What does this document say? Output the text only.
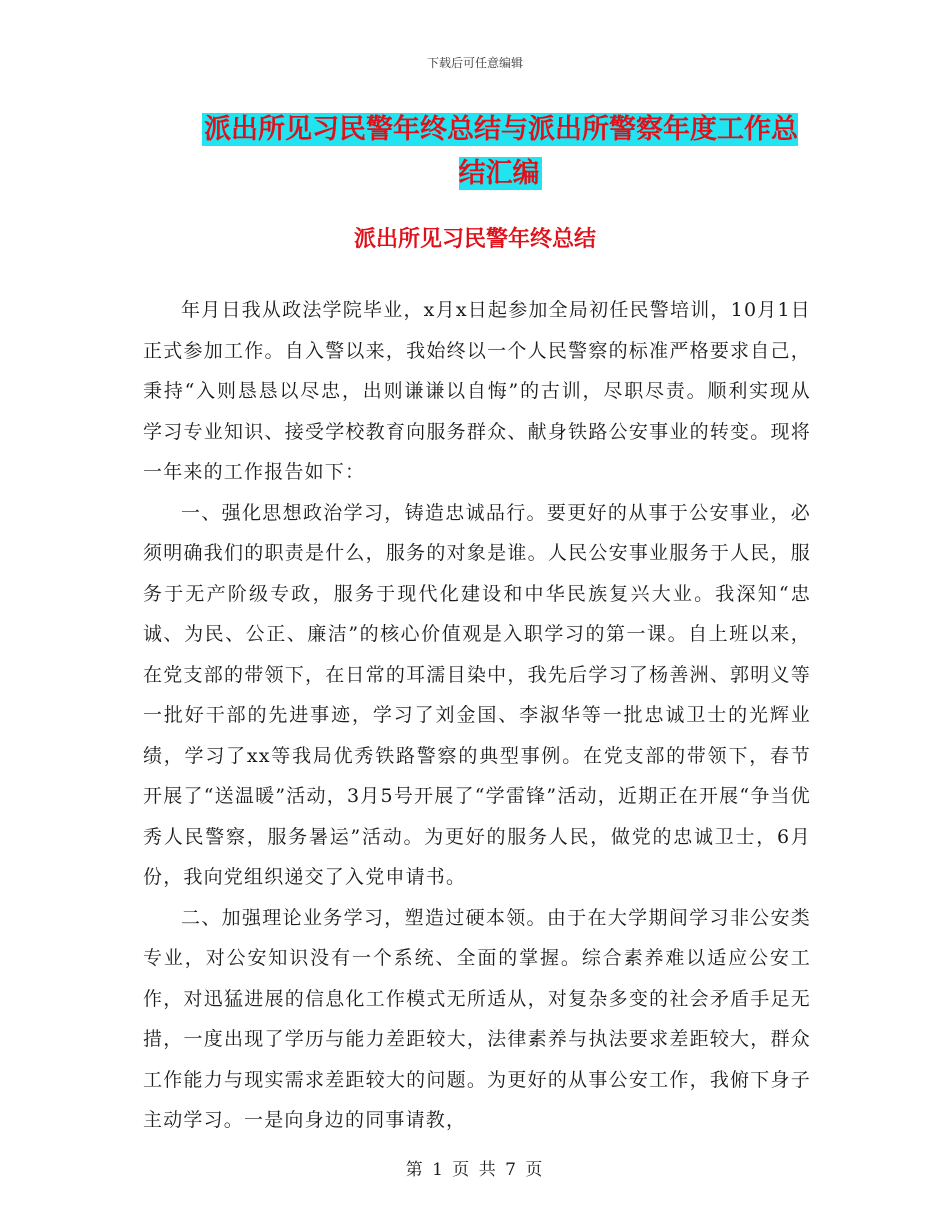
下载后可任意编辑
派出所见习民警年终总结与派出所警察年度工作总结汇编
派出所见习民警年终总结

年月日我从政法学院毕业，x月x日起参加全局初任民警培训，10月1日正式参加工作。自入警以来，我始终以一个人民警察的标准严格要求自己，秉持“入则恳恳以尽忠，出则谦谦以自悔”的古训，尽职尽责。顺利实现从学习专业知识、接受学校教育向服务群众、献身铁路公安事业的转变。现将一年来的工作报告如下：

一、强化思想政治学习，铸造忠诚品行。要更好的从事于公安事业，必须明确我们的职责是什么，服务的对象是谁。人民公安事业服务于人民，服务于无产阶级专政，服务于现代化建设和中华民族复兴大业。我深知“忠诚、为民、公正、廉洁”的核心价值观是入职学习的第一课。自上班以来，在党支部的带领下，在日常的耳濡目染中，我先后学习了杨善洲、郭明义等一批好干部的先进事迹，学习了刘金国、李淑华等一批忠诚卫士的光辉业绩，学习了xx等我局优秀铁路警察的典型事例。在党支部的带领下，春节开展了“送温暖”活动，3月5号开展了“学雷锋”活动，近期正在开展“争当优秀人民警察，服务暑运”活动。为更好的服务人民，做党的忠诚卫士，6月份，我向党组织递交了入党申请书。

二、加强理论业务学习，塑造过硬本领。由于在大学期间学习非公安类专业，对公安知识没有一个系统、全面的掌握。综合素养难以适应公安工作，对迅猛进展的信息化工作模式无所适从，对复杂多变的社会矛盾手足无措，一度出现了学历与能力差距较大，法律素养与执法要求差距较大，群众工作能力与现实需求差距较大的问题。为更好的从事公安工作，我俯下身子主动学习。一是向身边的同事请教，

第 1 页 共 7 页
